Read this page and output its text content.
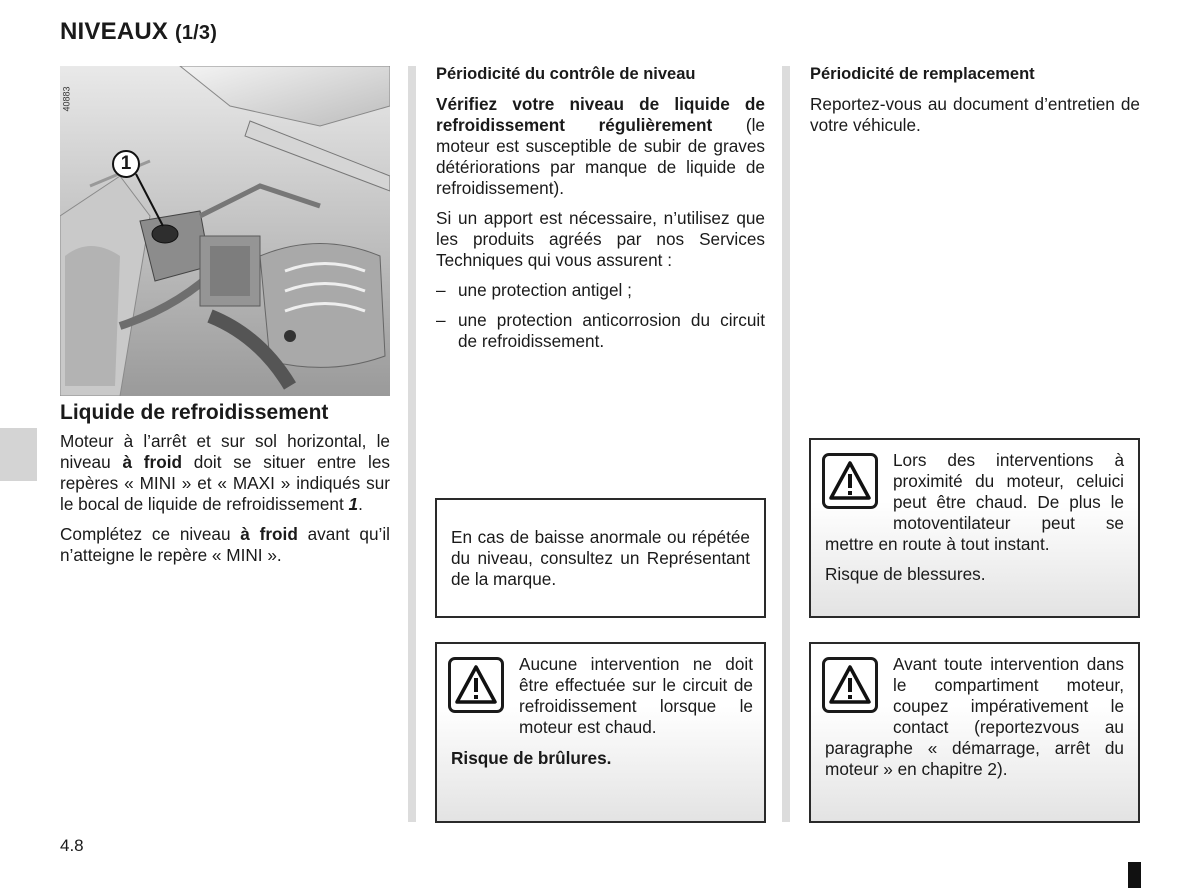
NIVEAUX (1/3)
1
40883
Liquide de refroidissement

Moteur à l’arrêt et sur sol horizontal, le niveau à froid doit se situer entre les repères « MINI » et « MAXI » indiqués sur le bocal de liquide de refroidissement 1.

Complétez ce niveau à froid avant qu’il n’atteigne le repère « MINI ».

Périodicité du contrôle de niveau

Vérifiez votre niveau de liquide de refroidissement régulièrement (le moteur est susceptible de subir de graves détériorations par manque de liquide de refroidissement).

Si un apport est nécessaire, n’utilisez que les produits agréés par nos Services Techniques qui vous assurent :

– une protection antigel ;
– une protection anticorrosion du circuit de refroidissement.
En cas de baisse anormale ou répétée du niveau, consultez un Représentant de la marque.
Aucune intervention ne doit être effectuée sur le circuit de refroidissement lorsque le moteur est chaud.
Risque de brûlures.
Périodicité de remplacement

Reportez-vous au document d’entretien de votre véhicule.

Lors des interventions à proximité du moteur, celuici peut être chaud. De plus le motoventilateur peut se mettre en route à tout instant.

Risque de blessures.

Avant toute intervention dans le compartiment moteur, coupez impérativement le contact (reportezvous au paragraphe « démarrage, arrêt du moteur » en chapitre 2).

4.8
